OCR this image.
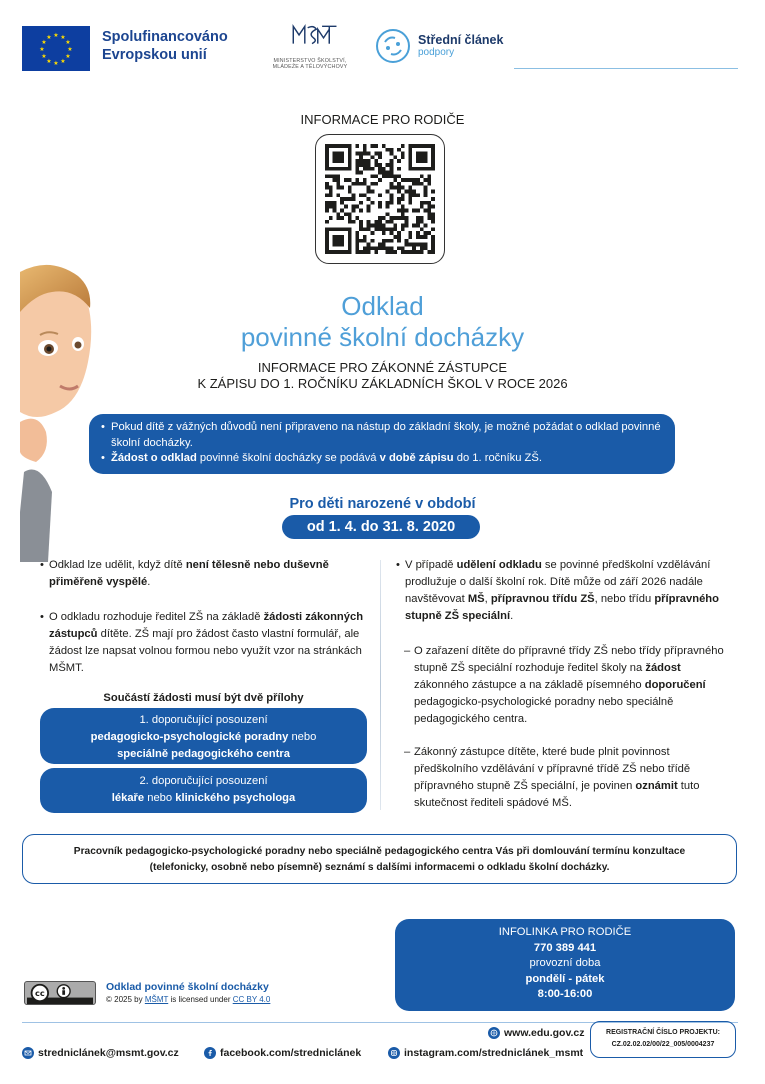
★ ★
★
★
★
★
★
★
★
★
★
★	Spolufinancováno
Evropskou unií	MINISTERSTVO ŠKOLSTVÍ,
MLÁDEŽE A TĚLOVÝCHOVY
Střední článek
podpory
INFORMACE PRO RODIČE
Odklad
povinné školní docházky
INFORMACE PRO ZÁKONNÉ ZÁSTUPCE
K ZÁPISU DO 1. ROČNÍKU ZÁKLADNÍCH ŠKOL V ROCE 2026

• Pokud dítě z vážných důvodů není připraveno na nástup do základní školy, je možné požádat o odklad povinné školní docházky.

• Žádost o odklad povinné školní docházky se podává v době zápisu do 1. ročníku ZŠ.

Pro děti narozené v období
od 1. 4. do 31. 8. 2020
• Odklad lze udělit, když dítě není tělesně nebo duševně přiměřeně vyspělé.
• O odkladu rozhoduje ředitel ZŠ na základě žádosti zákonných zástupců dítěte. ZŠ mají pro žádost často vlastní formulář, ale žádost lze napsat volnou formou nebo využít vzor na stránkách MŠMT.
Součástí žádosti musí být dvě přílohy
1. doporučující posouzení
pedagogicko-psychologické poradny nebo
speciálně pedagogického centra
2. doporučující posouzení
lékaře nebo klinického psychologa
• V případě udělení odkladu se povinné předškolní vzdělávání prodlužuje o další školní rok. Dítě může od září 2026 nadále navštěvovat MŠ, přípravnou třídu ZŠ, nebo třídu přípravného stupně ZŠ speciální.
– O zařazení dítěte do přípravné třídy ZŠ nebo třídy přípravného stupně ZŠ speciální rozhoduje ředitel školy na žádost zákonného zástupce a na základě písemného doporučení pedagogicko-psychologické poradny nebo speciálně pedagogického centra.
– Zákonný zástupce dítěte, které bude plnit povinnost předškolního vzdělávání v přípravné třídě ZŠ nebo třídě přípravného stupně ZŠ speciální, je povinen oznámit tuto skutečnost řediteli spádové MŠ.
Pracovník pedagogicko-psychologické poradny nebo speciálně pedagogického centra Vás při domlouvání termínu konzultace
(telefonicky, osobně nebo písemně) seznámí s dalšími informacemi o odkladu školní docházky.
INFOLINKA PRO RODIČE
770 389 441
provozní doba
pondělí - pátek
8:00-16:00
cc
Odklad povinné školní docházky
© 2025 by MŠMT is licensed under CC BY 4.0
www.edu.gov.cz
stredniclánek@msmt.gov.cz	facebook.com/stredniclánek	instagram.com/stredniclánek_msmt
REGISTRAČNÍ ČÍSLO PROJEKTU:
CZ.02.02.02/00/22_005/0004237
